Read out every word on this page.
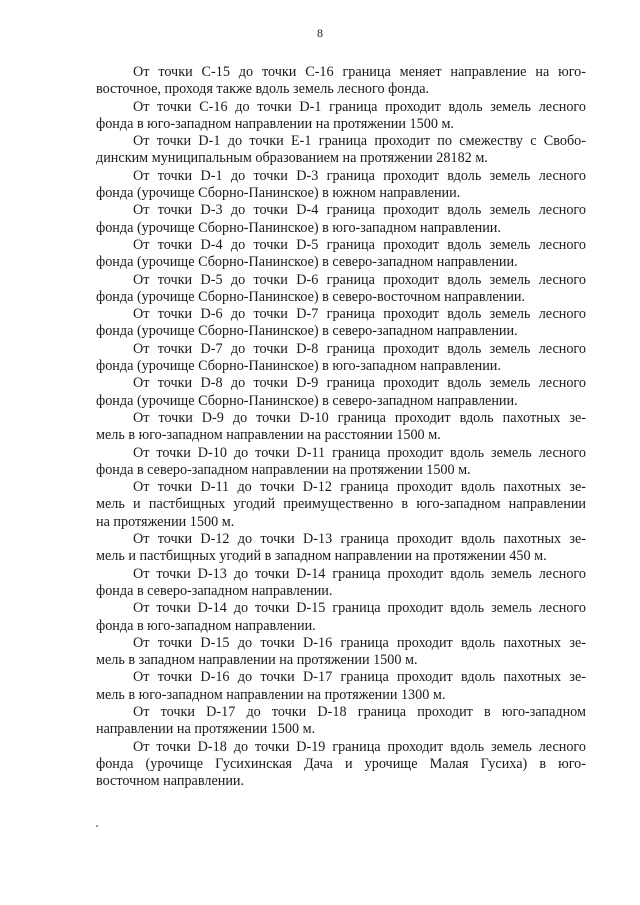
8

От точки C-15 до точки C-16 граница меняет направление на юго-
восточное, проходя также вдоль земель лесного фонда.

От точки C-16 до точки D-1 граница проходит вдоль земель лесного
фонда в юго-западном направлении на протяжении 1500 м.

От точки D-1 до точки E-1 граница проходит по смежеству с Свобо-
динским муниципальным образованием на протяжении 28182 м.

От точки D-1 до точки D-3 граница проходит вдоль земель лесного
фонда (урочище Сборно-Панинское) в южном направлении.

От точки D-3 до точки D-4 граница проходит вдоль земель лесного
фонда (урочище Сборно-Панинское) в юго-западном направлении.

От точки D-4 до точки D-5 граница проходит вдоль земель лесного
фонда (урочище Сборно-Панинское) в северо-западном направлении.

От точки D-5 до точки D-6 граница проходит вдоль земель лесного
фонда (урочище Сборно-Панинское) в северо-восточном направлении.

От точки D-6 до точки D-7 граница проходит вдоль земель лесного
фонда (урочище Сборно-Панинское) в северо-западном направлении.

От точки D-7 до точки D-8 граница проходит вдоль земель лесного
фонда (урочище Сборно-Панинское) в юго-западном направлении.

От точки D-8 до точки D-9 граница проходит вдоль земель лесного
фонда (урочище Сборно-Панинское) в северо-западном направлении.

От точки D-9 до точки D-10 граница проходит вдоль пахотных зе-
мель в юго-западном направлении на расстоянии 1500 м.

От точки D-10 до точки D-11 граница проходит вдоль земель лесного
фонда в северо-западном направлении на протяжении 1500 м.

От точки D-11 до точки D-12 граница проходит вдоль пахотных зе-
мель и пастбищных угодий преимущественно в юго-западном направлении
на протяжении 1500 м.

От точки D-12 до точки D-13 граница проходит вдоль пахотных зе-
мель и пастбищных угодий в западном направлении на протяжении 450 м.

От точки D-13 до точки D-14 граница проходит вдоль земель лесного
фонда в северо-западном направлении.

От точки D-14 до точки D-15 граница проходит вдоль земель лесного
фонда в юго-западном направлении.

От точки D-15 до точки D-16 граница проходит вдоль пахотных зе-
мель в западном направлении на протяжении 1500 м.

От точки D-16 до точки D-17 граница проходит вдоль пахотных зе-
мель в юго-западном направлении на протяжении 1300 м.

От точки D-17 до точки D-18 граница проходит в юго-западном
направлении на протяжении 1500 м.

От точки D-18 до точки D-19 граница проходит вдоль земель лесного
фонда (урочище Гусихинская Дача и урочище Малая Гусиха) в юго-
восточном направлении.
